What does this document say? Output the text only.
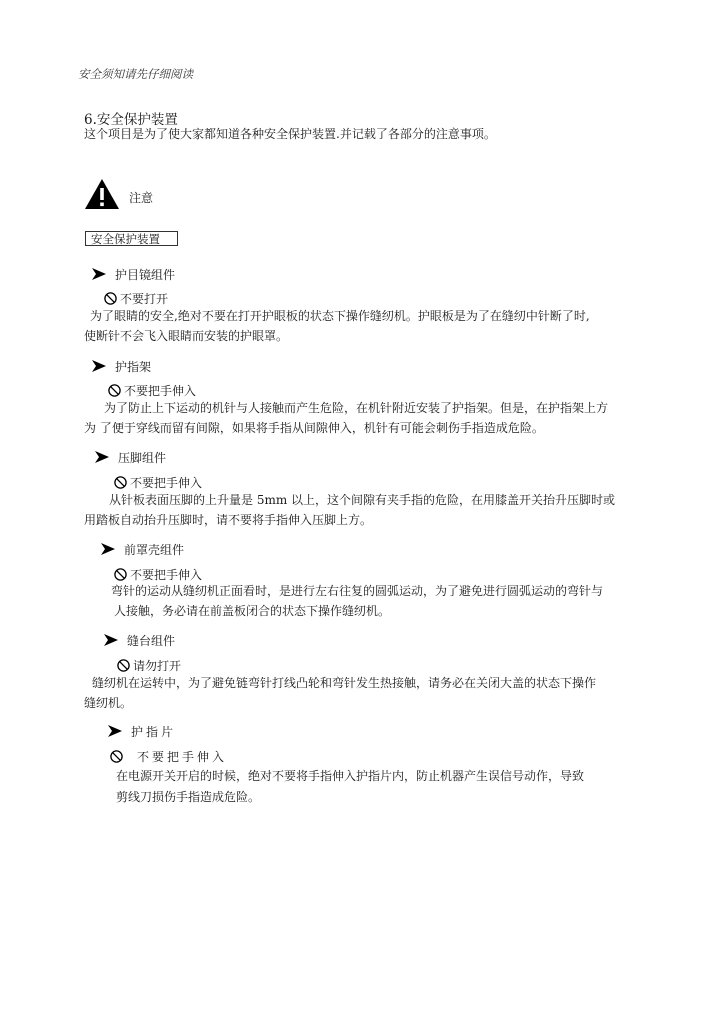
安全须知请先仔细阅读
6.安全保护装置
这个项目是为了使大家都知道各种安全保护装置.并记载了各部分的注意事项。
注意
安全保护装置
护目镜组件
不要打开
为了眼睛的安全,绝对不要在打开护眼板的状态下操作缝纫机。护眼板是为了在缝纫中针断了时,
使断针不会飞入眼睛而安装的护眼罩。
护指架
不要把手伸入
为了防止上下运动的机针与人接触而产生危险，在机针附近安装了护指架。但是，在护指架上方
为 了便于穿线而留有间隙，如果将手指从间隙伸入，机针有可能会刺伤手指造成危险。
压脚组件
不要把手伸入
从针板表面压脚的上升量是 5mm 以上，这个间隙有夹手指的危险，在用膝盖开关抬升压脚时或
用踏板自动抬升压脚时，请不要将手指伸入压脚上方。
前罩壳组件
不要把手伸入
弯针的运动从缝纫机正面看时，是进行左右往复的圆弧运动，为了避免进行圆弧运动的弯针与
人接触，务必请在前盖板闭合的状态下操作缝纫机。
缝台组件
请勿打开
缝纫机在运转中，为了避免链弯针打线凸轮和弯针发生热接触，请务必在关闭大盖的状态下操作
缝纫机。
护指片
不要把手伸入
在电源开关开启的时候，绝对不要将手指伸入护指片内，防止机器产生误信号动作，导致
剪线刀损伤手指造成危险。
